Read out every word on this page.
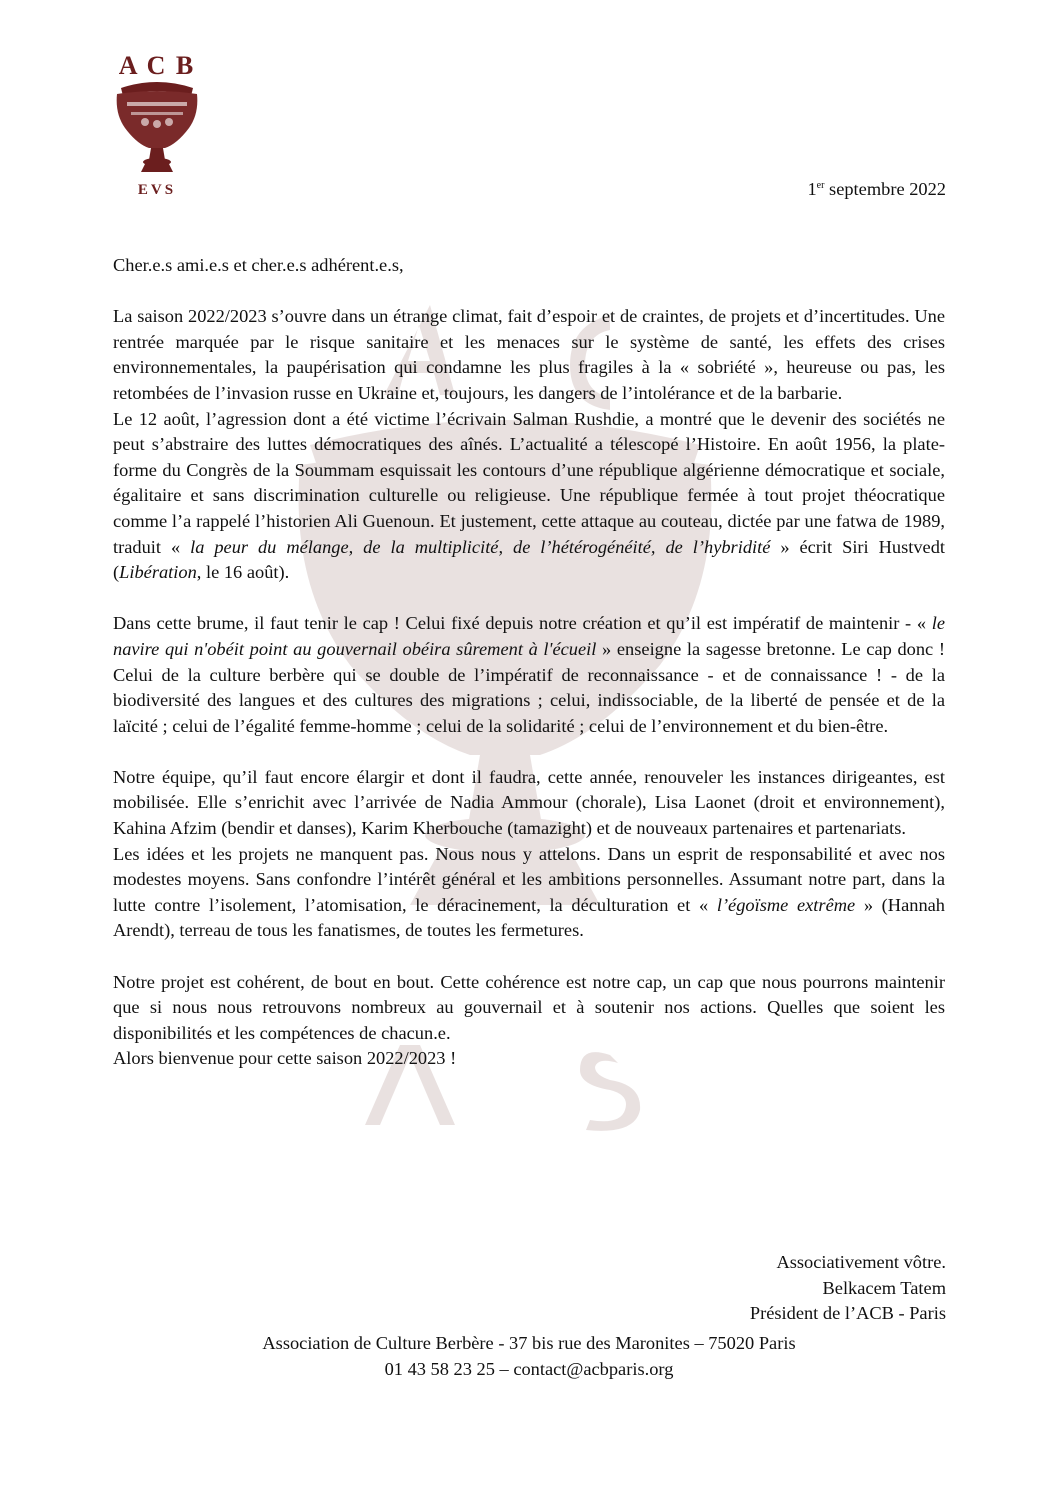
A C B
EVS	1er septembre 2022

Cher.e.s ami.e.s et cher.e.s adhérent.e.s,

La saison 2022/2023 s’ouvre dans un étrange climat, fait d’espoir et de craintes, de projets et d’incertitudes. Une rentrée marquée par le risque sanitaire et les menaces sur le système de santé, les effets des crises environnementales, la paupérisation qui condamne les plus fragiles à la « sobriété », heureuse ou pas, les retombées de l’invasion russe en Ukraine et, toujours, les dangers de l’intolérance et de la barbarie.

Le 12 août, l’agression dont a été victime l’écrivain Salman Rushdie, a montré que le devenir des sociétés ne peut s’abstraire des luttes démocratiques des aînés. L’actualité a télescopé l’Histoire. En août 1956, la plate-forme du Congrès de la Soummam esquissait les contours d’une république algérienne démocratique et sociale, égalitaire et sans discrimination culturelle ou religieuse. Une république fermée à tout projet théocratique comme l’a rappelé l’historien Ali Guenoun. Et justement, cette attaque au couteau, dictée par une fatwa de 1989, traduit « la peur du mélange, de la multiplicité, de l’hétérogénéité, de l’hybridité » écrit Siri Hustvedt (Libération, le 16 août).

Dans cette brume, il faut tenir le cap ! Celui fixé depuis notre création et qu’il est impératif de maintenir - « le navire qui n'obéit point au gouvernail obéira sûrement à l'écueil » enseigne la sagesse bretonne. Le cap donc ! Celui de la culture berbère qui se double de l’impératif de reconnaissance - et de connaissance ! - de la biodiversité des langues et des cultures des migrations ; celui, indissociable, de la liberté de pensée et de la laïcité ; celui de l’égalité femme-homme ; celui de la solidarité ; celui de l’environnement et du bien-être.

Notre équipe, qu’il faut encore élargir et dont il faudra, cette année, renouveler les instances dirigeantes, est mobilisée. Elle s’enrichit avec l’arrivée de Nadia Ammour (chorale), Lisa Laonet (droit et environnement), Kahina Afzim (bendir et danses), Karim Kherbouche (tamazight) et de nouveaux partenaires et partenariats.

Les idées et les projets ne manquent pas. Nous nous y attelons. Dans un esprit de responsabilité et avec nos modestes moyens. Sans confondre l’intérêt général et les ambitions personnelles. Assumant notre part, dans la lutte contre l’isolement, l’atomisation, le déracinement, la déculturation et « l’égoïsme extrême » (Hannah Arendt), terreau de tous les fanatismes, de toutes les fermetures.

Notre projet est cohérent, de bout en bout. Cette cohérence est notre cap, un cap que nous pourrons maintenir que si nous nous retrouvons nombreux au gouvernail et à soutenir nos actions. Quelles que soient les disponibilités et les compétences de chacun.e.

Alors bienvenue pour cette saison 2022/2023 !

Associativement vôtre.

Belkacem Tatem

Président de l’ACB - Paris

Association de Culture Berbère - 37 bis rue des Maronites – 75020 Paris

01 43 58 23 25 – contact@acbparis.org
